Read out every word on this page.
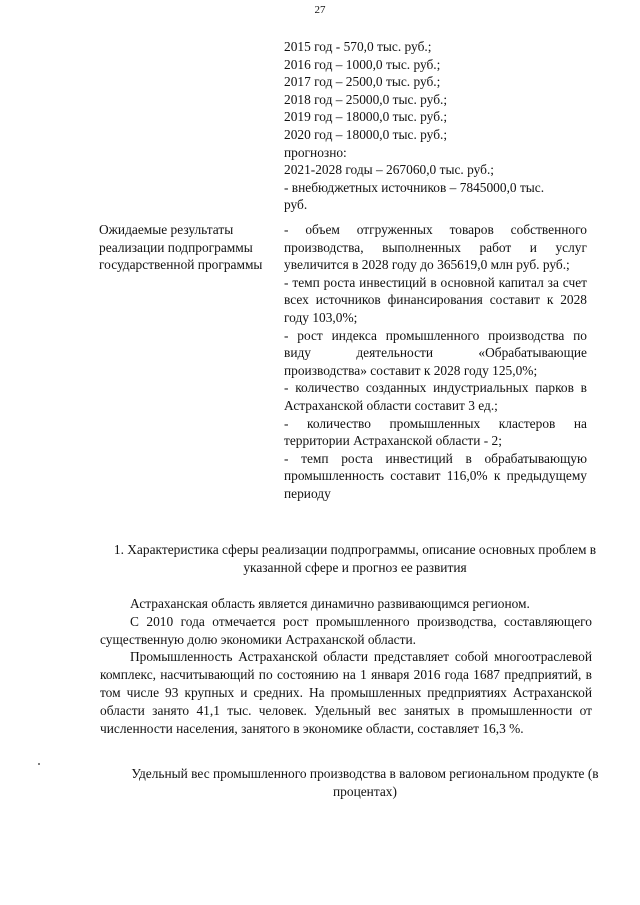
27
2015 год - 570,0 тыс. руб.;
2016 год – 1000,0 тыс. руб.;
2017 год – 2500,0 тыс. руб.;
2018 год – 25000,0 тыс. руб.;
2019 год – 18000,0 тыс. руб.;
2020 год – 18000,0 тыс. руб.;
прогнозно:
2021-2028 годы – 267060,0 тыс. руб.;
- внебюджетных источников – 7845000,0 тыс.
руб.
Ожидаемые результаты реализации подпрограммы государственной программы
- объем отгруженных товаров собственного производства, выполненных работ и услуг увеличится в 2028 году до 365619,0 млн руб. руб.;
- темп роста инвестиций в основной капитал за счет всех источников финансирования составит к 2028 году 103,0%;
- рост индекса промышленного производства по виду деятельности «Обрабатывающие производства» составит к 2028 году 125,0%;
- количество созданных индустриальных парков в Астраханской области составит 3 ед.;
- количество промышленных кластеров на территории Астраханской области - 2;
- темп роста инвестиций в обрабатывающую промышленность составит 116,0% к предыдущему периоду
1. Характеристика сферы реализации подпрограммы, описание основных проблем в указанной сфере и прогноз ее развития

Астраханская область является динамично развивающимся регионом.

С 2010 года отмечается рост промышленного производства, составляющего существенную долю экономики Астраханской области.

Промышленность Астраханской области представляет собой многоотраслевой комплекс, насчитывающий по состоянию на 1 января 2016 года 1687 предприятий, в том числе 93 крупных и средних. На промышленных предприятиях Астраханской области занято 41,1 тыс. человек. Удельный вес занятых в промышленности от численности населения, занятого в экономике области, составляет 16,3 %.

Удельный вес промышленного производства в валовом региональном продукте (в процентах)
